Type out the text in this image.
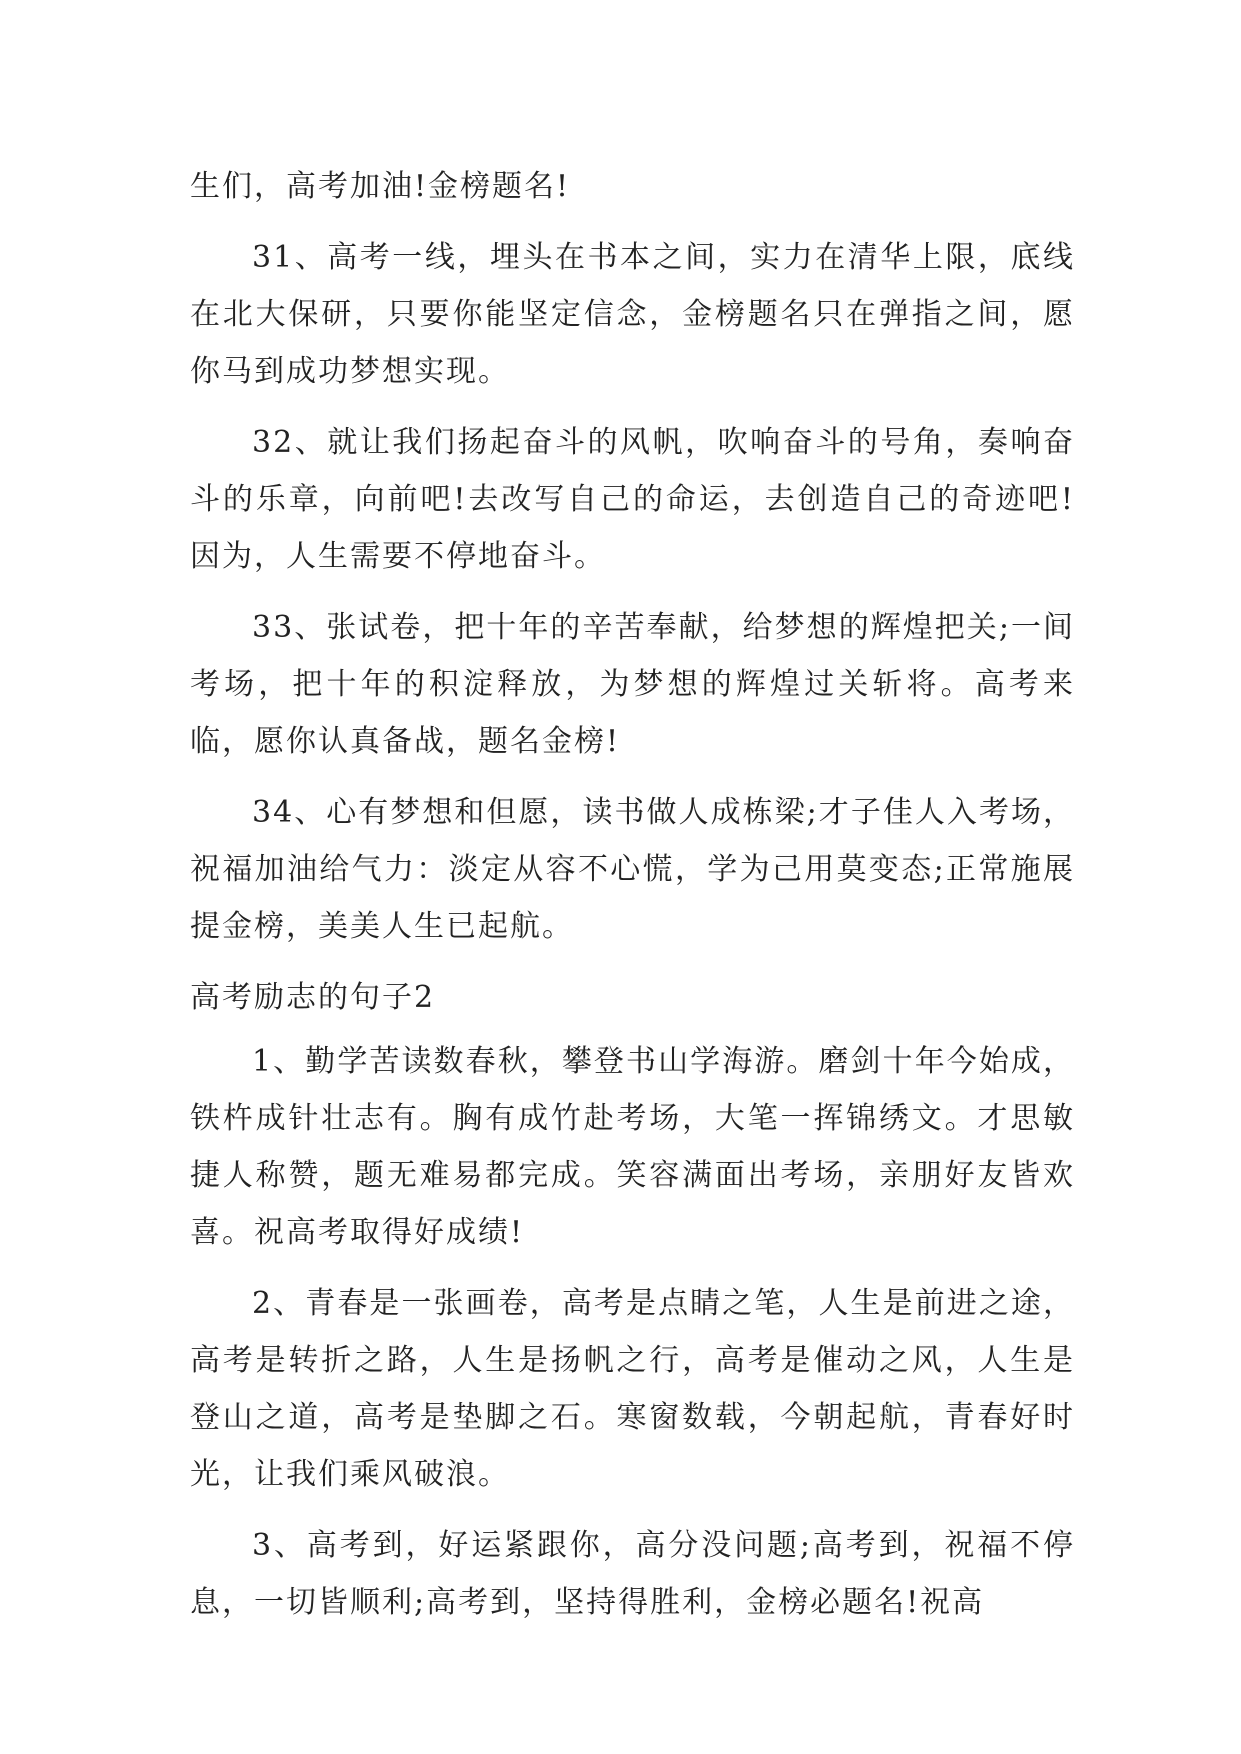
生们，高考加油!金榜题名!

31、高考一线，埋头在书本之间，实力在清华上限，底线在北大保研，只要你能坚定信念，金榜题名只在弹指之间，愿你马到成功梦想实现。

32、就让我们扬起奋斗的风帆，吹响奋斗的号角，奏响奋斗的乐章，向前吧!去改写自己的命运，去创造自己的奇迹吧!因为，人生需要不停地奋斗。

33、张试卷，把十年的辛苦奉献，给梦想的辉煌把关;一间考场，把十年的积淀释放，为梦想的辉煌过关斩将。高考来临，愿你认真备战，题名金榜!

34、心有梦想和但愿，读书做人成栋梁;才子佳人入考场，祝福加油给气力：淡定从容不心慌，学为己用莫变态;正常施展提金榜，美美人生已起航。

高考励志的句子2

1、勤学苦读数春秋，攀登书山学海游。磨剑十年今始成，铁杵成针壮志有。胸有成竹赴考场，大笔一挥锦绣文。才思敏捷人称赞，题无难易都完成。笑容满面出考场，亲朋好友皆欢喜。祝高考取得好成绩!

2、青春是一张画卷，高考是点睛之笔，人生是前进之途，高考是转折之路，人生是扬帆之行，高考是催动之风，人生是登山之道，高考是垫脚之石。寒窗数载，今朝起航，青春好时光，让我们乘风破浪。

3、高考到，好运紧跟你，高分没问题;高考到，祝福不停息，一切皆顺利;高考到，坚持得胜利，金榜必题名!祝高
